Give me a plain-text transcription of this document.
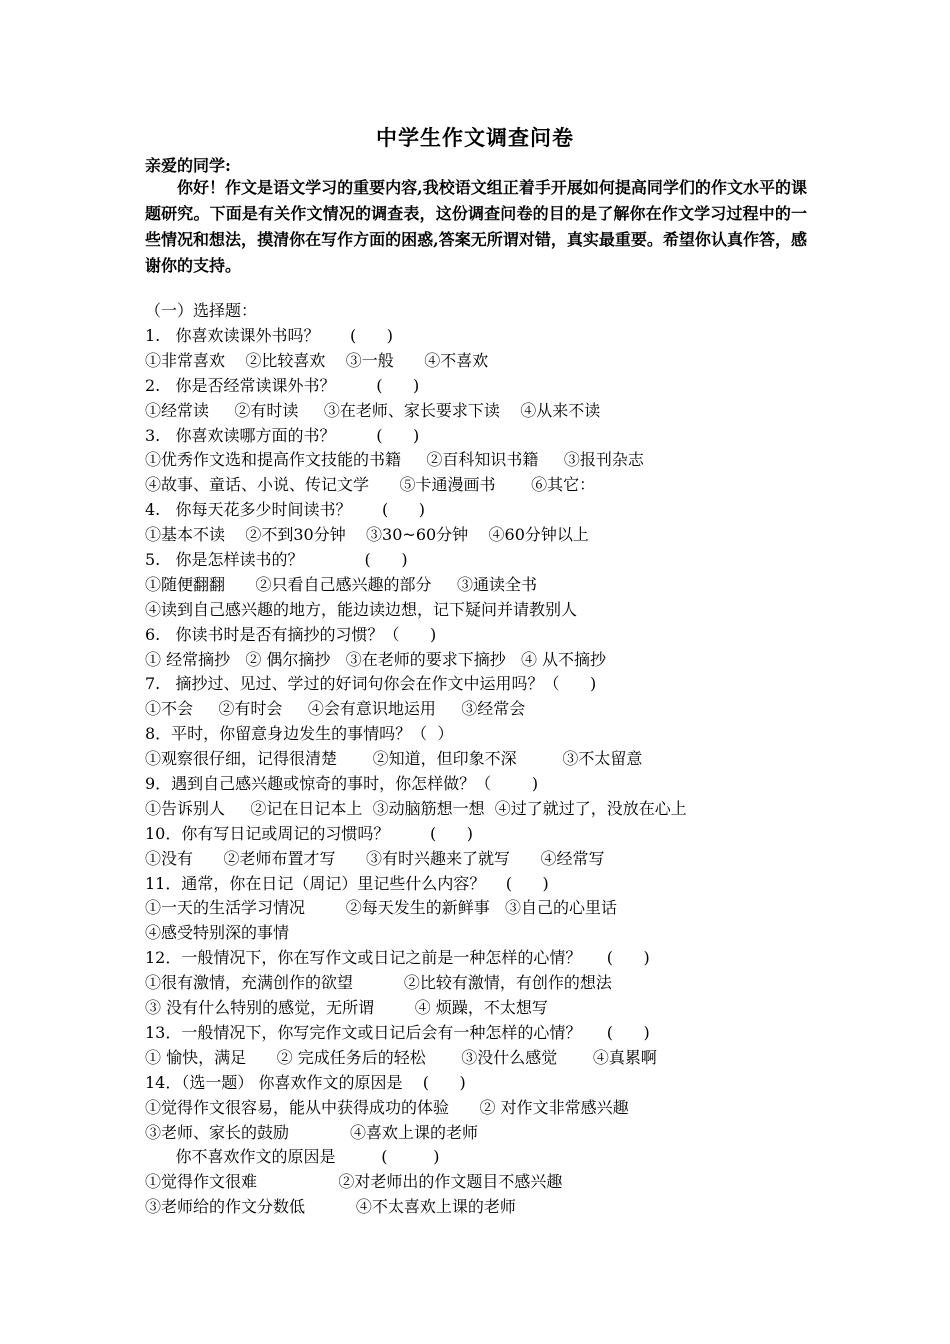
中学生作文调查问卷
亲爱的同学:

你好！作文是语文学习的重要内容,我校语文组正着手开展如何提高同学们的作文水平的课题研究。下面是有关作文情况的调查表，这份调查问卷的目的是了解你在作文学习过程中的一些情况和想法，摸清你在写作方面的困惑,答案无所谓对错，真实最重要。希望你认真作答，感谢你的支持。

（一）选择题：
1.   你喜欢读课外书吗？      (      )
①非常喜欢    ②比较喜欢    ③一般      ④不喜欢
2.   你是否经常读课外书？        (      )
①经常读     ②有时读     ③在老师、家长要求下读    ④从来不读
3.   你喜欢读哪方面的书？        (      )
①优秀作文选和提高作文技能的书籍     ②百科知识书籍     ③报刊杂志
④故事、童话、小说、传记文学      ⑤卡通漫画书       ⑥其它：
4.   你每天花多少时间读书？      (      )
①基本不读    ②不到30分钟    ③30~60分钟    ④60分钟以上
5.   你是怎样读书的？            (      )
①随便翻翻      ②只看自己感兴趣的部分     ③通读全书
④读到自己感兴趣的地方，能边读边想，记下疑问并请教别人
6.   你读书时是否有摘抄的习惯？（      )
① 经常摘抄   ② 偶尔摘抄   ③在老师的要求下摘抄   ④ 从不摘抄
7.   摘抄过、见过、学过的好词句你会在作文中运用吗？（      )
①不会     ②有时会     ④会有意识地运用     ③经常会
8．平时，你留意身边发生的事情吗？（  ）
①观察很仔细，记得很清楚       ②知道，但印象不深         ③不太留意
9．遇到自己感兴趣或惊奇的事时，你怎样做？（        )
①告诉别人     ②记在日记本上  ③动脑筋想一想  ④过了就过了，没放在心上
10．你有写日记或周记的习惯吗？        (      )
①没有      ②老师布置才写      ③有时兴趣来了就写      ④经常写
11．通常，你在日记（周记）里记些什么内容？    (      )
①一天的生活学习情况        ②每天发生的新鲜事   ③自己的心里话
④感受特别深的事情
12．一般情况下，你在写作文或日记之前是一种怎样的心情？     (      )
①很有激情，充满创作的欲望          ②比较有激情，有创作的想法
③ 没有什么特别的感觉，无所谓        ④ 烦躁，不太想写
13．一般情况下，你写完作文或日记后会有一种怎样的心情？     (      )
① 愉快，满足      ② 完成任务后的轻松       ③没什么感觉       ④真累啊
14．（选一题） 你喜欢作文的原因是    (      )
①觉得作文很容易，能从中获得成功的体验      ② 对作文非常感兴趣
③老师、家长的鼓励            ④喜欢上课的老师
你不喜欢作文的原因是         (         )
①觉得作文很难                ②对老师出的作文题目不感兴趣
③老师给的作文分数低          ④不太喜欢上课的老师
